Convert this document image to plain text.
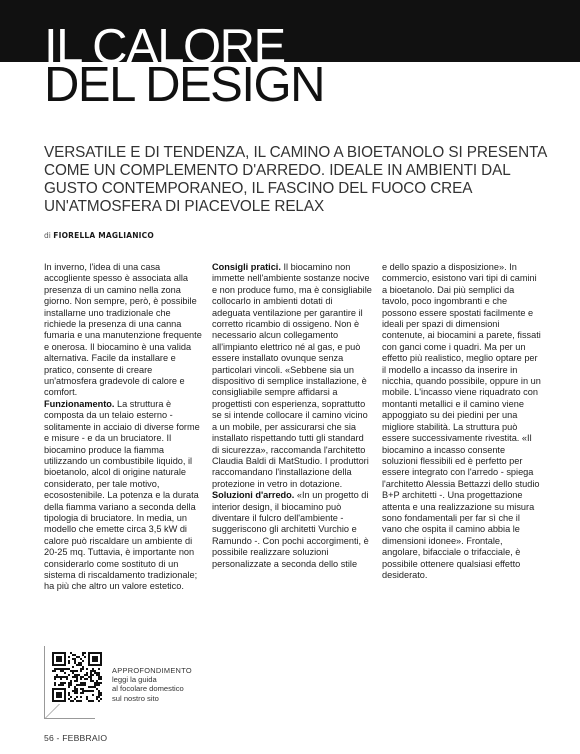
IL CALORE
DEL DESIGN

VERSATILE E DI TENDENZA, IL CAMINO A BIOETANOLO SI PRESENTA COME UN COMPLEMENTO D'ARREDO. IDEALE IN AMBIENTI DAL GUSTO CONTEMPORANEO, IL FASCINO DEL FUOCO CREA UN'ATMOSFERA DI PIACEVOLE RELAX

di FIORELLA MAGLIANICO

In inverno, l'idea di una casa accogliente spesso è associata alla presenza di un camino nella zona giorno. Non sempre, però, è possibile installarne uno tradizionale che richiede la presenza di una canna fumaria e una manutenzione frequente e onerosa. Il biocamino è una valida alternativa. Facile da installare e pratico, consente di creare un'atmosfera gradevole di calore e comfort.

Funzionamento. La struttura è composta da un telaio esterno - solitamente in acciaio di diverse forme e misure - e da un bruciatore. Il biocamino produce la fiamma utilizzando un combustibile liquido, il bioetanolo, alcol di origine naturale considerato, per tale motivo, ecosostenibile. La potenza e la durata della fiamma variano a seconda della tipologia di bruciatore. In media, un modello che emette circa 3,5 kW di calore può riscaldare un ambiente di 20-25 mq. Tuttavia, è importante non considerarlo come sostituto di un sistema di riscaldamento tradizionale; ha più che altro un valore estetico.

Consigli pratici. Il biocamino non immette nell'ambiente sostanze nocive e non produce fumo, ma è consigliabile collocarlo in ambienti dotati di adeguata ventilazione per garantire il corretto ricambio di ossigeno. Non è necessario alcun collegamento all'impianto elettrico né al gas, e può essere installato ovunque senza particolari vincoli. «Sebbene sia un dispositivo di semplice installazione, è consigliabile sempre affidarsi a progettisti con esperienza, soprattutto se si intende collocare il camino vicino a un mobile, per assicurarsi che sia installato rispettando tutti gli standard di sicurezza», raccomanda l'architetto Claudia Baldi di MatStudio. I produttori raccomandano l'installazione della protezione in vetro in dotazione.

Soluzioni d'arredo. «In un progetto di interior design, il biocamino può diventare il fulcro dell'ambiente - suggeriscono gli architetti Vurchio e Ramundo -. Con pochi accorgimenti, è possibile realizzare soluzioni personalizzate a seconda dello stile

e dello spazio a disposizione». In commercio, esistono vari tipi di camini a bioetanolo. Dai più semplici da tavolo, poco ingombranti e che possono essere spostati facilmente e ideali per spazi di dimensioni contenute, ai biocamini a parete, fissati con ganci come i quadri. Ma per un effetto più realistico, meglio optare per il modello a incasso da inserire in nicchia, quando possibile, oppure in un mobile. L'incasso viene riquadrato con montanti metallici e il camino viene appoggiato su dei piedini per una migliore stabilità. La struttura può essere successivamente rivestita. «Il biocamino a incasso consente soluzioni flessibili ed è perfetto per essere integrato con l'arredo - spiega l'architetto Alessia Bettazzi dello studio B+P architetti -. Una progettazione attenta e una realizzazione su misura sono fondamentali per far sì che il vano che ospita il camino abbia le dimensioni idonee». Frontale, angolare, bifacciale o trifacciale, è possibile ottenere qualsiasi effetto desiderato.

APPROFONDIMENTO
leggi la guida
al focolare domestico
sul nostro sito
56 - FEBBRAIO
